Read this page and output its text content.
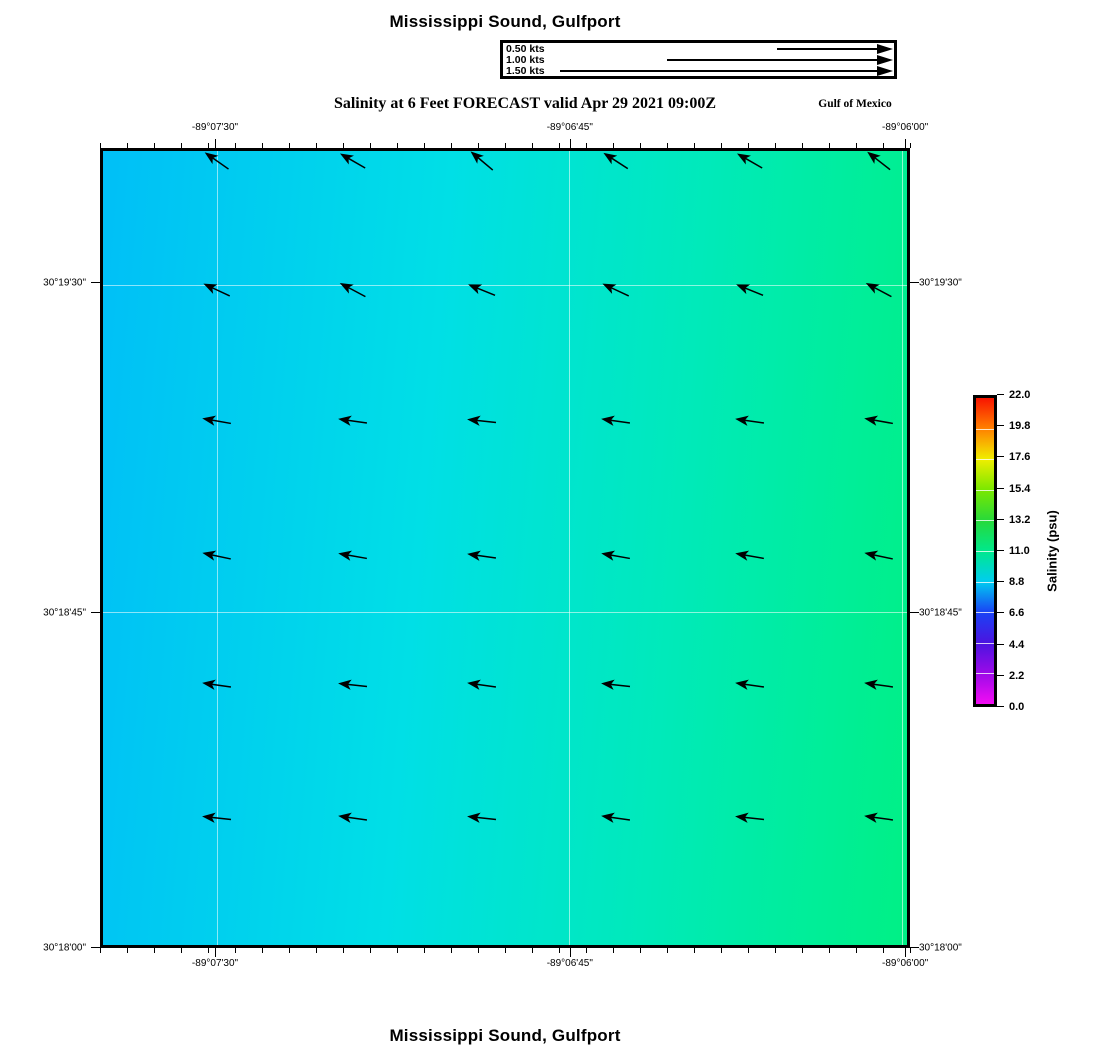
Mississippi Sound, Gulfport
0.50 kts
1.00 kts
1.50 kts
Salinity at 6 Feet FORECAST valid Apr 29 2021 09:00Z	Gulf of Mexico
-89°07'30"	-89°06'45"	-89°06'00"
-89°07'30"	-89°06'45"	-89°06'00"
30°19'30"
30°18'45"
30°18'00"
30°19'30"
30°18'45"
30°18'00"
22.0
19.8
17.6
15.4
13.2
11.0
8.8
6.6
4.4
2.2
0.0
Salinity (psu)
Mississippi Sound, Gulfport
